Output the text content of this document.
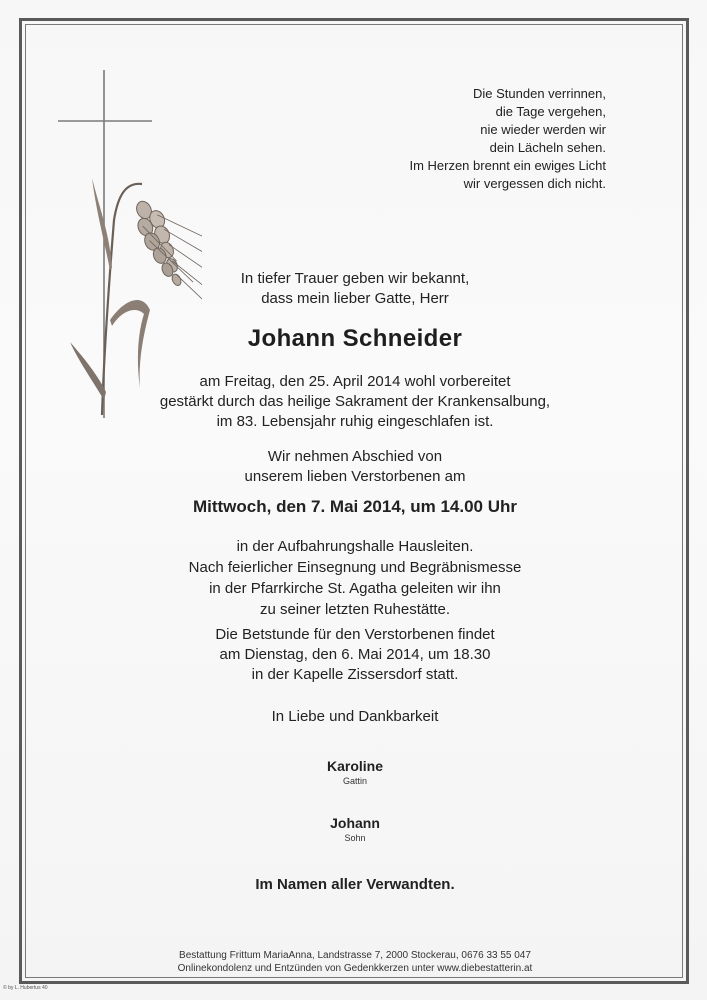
Die Stunden verrinnen,
die Tage vergehen,
nie wieder werden wir
dein Lächeln sehen.
Im Herzen brennt ein ewiges Licht
wir vergessen dich nicht.
In tiefer Trauer geben wir bekannt,
dass mein lieber Gatte, Herr
Johann Schneider
am Freitag, den 25. April 2014 wohl vorbereitet
gestärkt durch das heilige Sakrament der Krankensalbung,
im 83. Lebensjahr ruhig eingeschlafen ist.
Wir nehmen Abschied von
unserem lieben Verstorbenen am
Mittwoch, den 7. Mai 2014, um 14.00 Uhr
in der Aufbahrungshalle Hausleiten.
Nach feierlicher Einsegnung und Begräbnismesse
in der Pfarrkirche St. Agatha geleiten wir ihn
zu seiner letzten Ruhestätte.
Die Betstunde für den Verstorbenen findet
am Dienstag, den 6. Mai 2014, um 18.30
in der Kapelle Zissersdorf statt.
In Liebe und Dankbarkeit
Karoline
Gattin
Johann
Sohn
Im Namen aller Verwandten.
Bestattung Frittum MariaAnna, Landstrasse 7, 2000 Stockerau, 0676 33 55 047
Onlinekondolenz und Entzünden von Gedenkkerzen unter www.diebestatterin.at
© by L. Hubertus 40
